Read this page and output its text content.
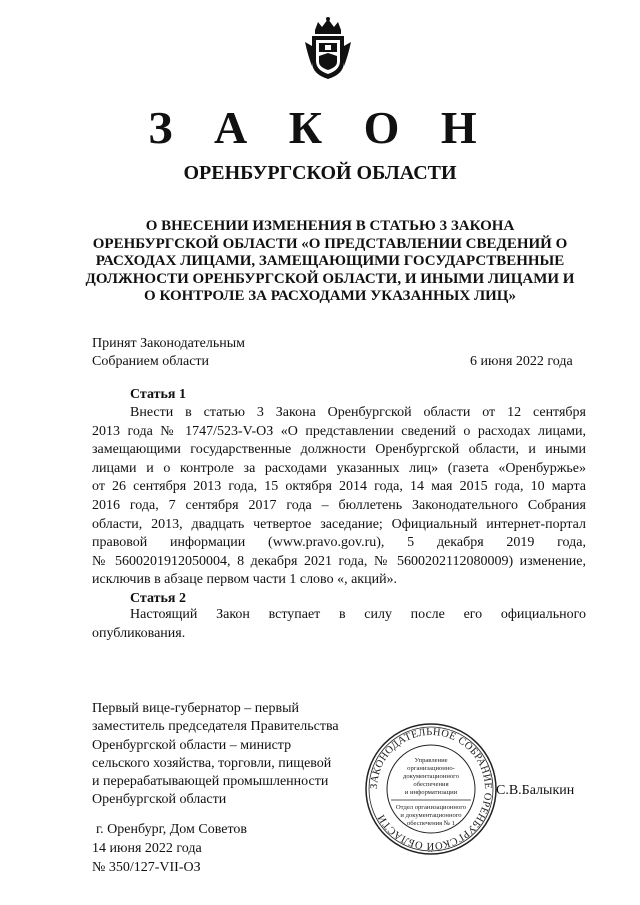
З А К О Н
ОРЕНБУРГСКОЙ ОБЛАСТИ
О ВНЕСЕНИИ ИЗМЕНЕНИЯ В СТАТЬЮ 3 ЗАКОНА
ОРЕНБУРГСКОЙ ОБЛАСТИ «О ПРЕДСТАВЛЕНИИ СВЕДЕНИЙ О
РАСХОДАХ ЛИЦАМИ, ЗАМЕЩАЮЩИМИ ГОСУДАРСТВЕННЫЕ
ДОЛЖНОСТИ ОРЕНБУРГСКОЙ ОБЛАСТИ, И ИНЫМИ ЛИЦАМИ И
О КОНТРОЛЕ ЗА РАСХОДАМИ УКАЗАННЫХ ЛИЦ»
Принят Законодательным
Собранием области	6 июня 2022 года
Статья 1
Внести в статью 3 Закона Оренбургской области от 12 сентября
2013 года № 1747/523-V-ОЗ «О представлении сведений о расходах лицами,
замещающими государственные должности Оренбургской области, и иными
лицами и о контроле за расходами указанных лиц» (газета «Оренбуржье»
от 26 сентября 2013 года, 15 октября 2014 года, 14 мая 2015 года, 10 марта
2016 года, 7 сентября 2017 года – бюллетень Законодательного Собрания
области, 2013, двадцать четвертое заседание; Официальный интернет-портал
правовой информации (www.pravo.gov.ru), 5 декабря 2019 года,
№ 5600201912050004, 8 декабря 2021 года, № 5600202112080009) изменение,
исключив в абзаце первом части 1 слово «, акций».
Статья 2
Настоящий Закон вступает в силу после его официального
опубликования.
Первый вице-губернатор – первый
заместитель председателя Правительства
Оренбургской области – министр
сельского хозяйства, торговли, пищевой
и перерабатывающей промышленности
Оренбургской области
С.В.Балыкин
ЗАКОНОДАТЕЛЬНОЕ СОБРАНИЕ ОРЕНБУРГСКОЙ ОБЛАСТИ
Управление
организационно-
документационного
обеспечения
и информатизации
Отдел организационного
и документационного
обеспечения № 1
г. Оренбург, Дом Советов
14 июня 2022 года
№ 350/127-VII-ОЗ
